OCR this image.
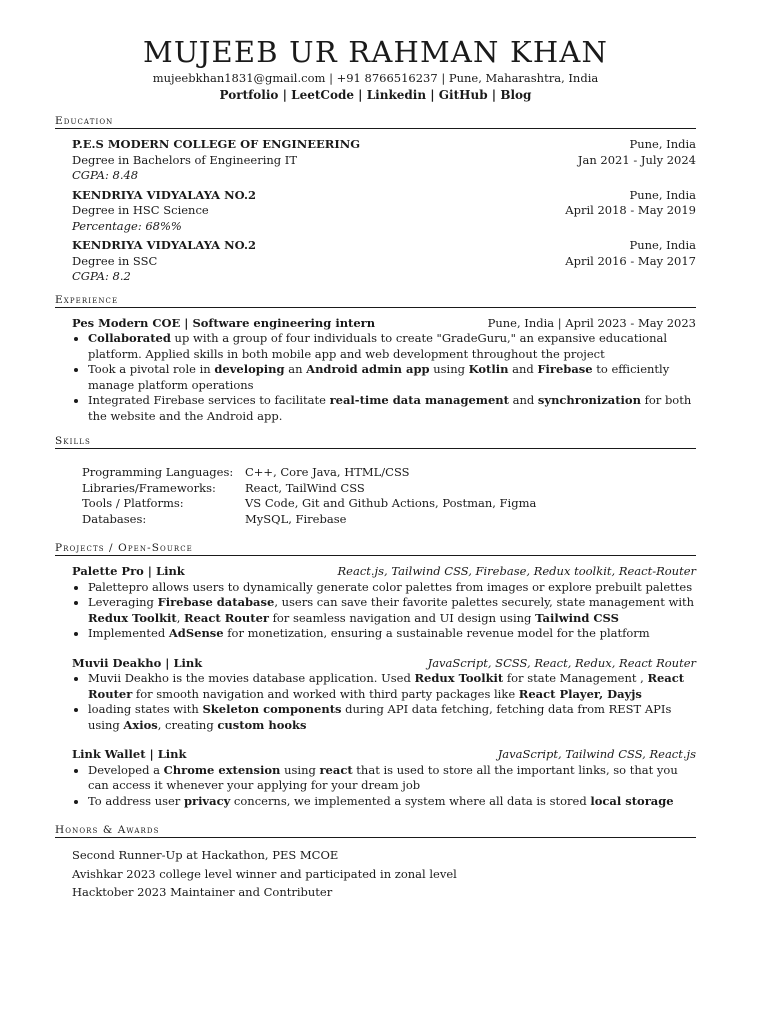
MUJEEB UR RAHMAN KHAN
mujeebkhan1831@gmail.com | +91 8766516237 | Pune, Maharashtra, India
Portfolio | LeetCode | Linkedin | GitHub | Blog
Education
P.E.S MODERN COLLEGE OF ENGINEERING	Pune, India
Degree in Bachelors of Engineering IT	Jan 2021 - July 2024
CGPA: 8.48
KENDRIYA VIDYALAYA NO.2	Pune, India
Degree in HSC Science	April 2018 - May 2019
Percentage: 68%%
KENDRIYA VIDYALAYA NO.2	Pune, India
Degree in SSC	April 2016 - May 2017
CGPA: 8.2
Experience
Pes Modern COE | Software engineering intern	Pune, India | April 2023 - May 2023
• Collaborated up with a group of four individuals to create "GradeGuru," an expansive educational platform. Applied skills in both mobile app and web development throughout the project
• Took a pivotal role in developing an Android admin app using Kotlin and Firebase to efficiently manage platform operations
• Integrated Firebase services to facilitate real-time data management and synchronization for both the website and the Android app.
Skills
Programming Languages:	C++, Core Java, HTML/CSS
Libraries/Frameworks:	React, TailWind CSS
Tools / Platforms:	VS Code, Git and Github Actions, Postman, Figma
Databases:	MySQL, Firebase
Projects / Open-Source
Palette Pro | Link	React.js, Tailwind CSS, Firebase, Redux toolkit, React-Router
• Palettepro allows users to dynamically generate color palettes from images or explore prebuilt palettes
• Leveraging Firebase database, users can save their favorite palettes securely, state management with Redux Toolkit, React Router for seamless navigation and UI design using Tailwind CSS
• Implemented AdSense for monetization, ensuring a sustainable revenue model for the platform
Muvii Deakho | Link	JavaScript, SCSS, React, Redux, React Router
• Muvii Deakho is the movies database application. Used Redux Toolkit for state Management , React Router for smooth navigation and worked with third party packages like React Player, Dayjs
• loading states with Skeleton components during API data fetching, fetching data from REST APIs using Axios, creating custom hooks
Link Wallet | Link	JavaScript, Tailwind CSS, React.js
• Developed a Chrome extension using react that is used to store all the important links, so that you can access it whenever your applying for your dream job
• To address user privacy concerns, we implemented a system where all data is stored local storage
Honors & Awards
Second Runner-Up at Hackathon, PES MCOE
Avishkar 2023 college level winner and participated in zonal level
Hacktober 2023 Maintainer and Contributer
